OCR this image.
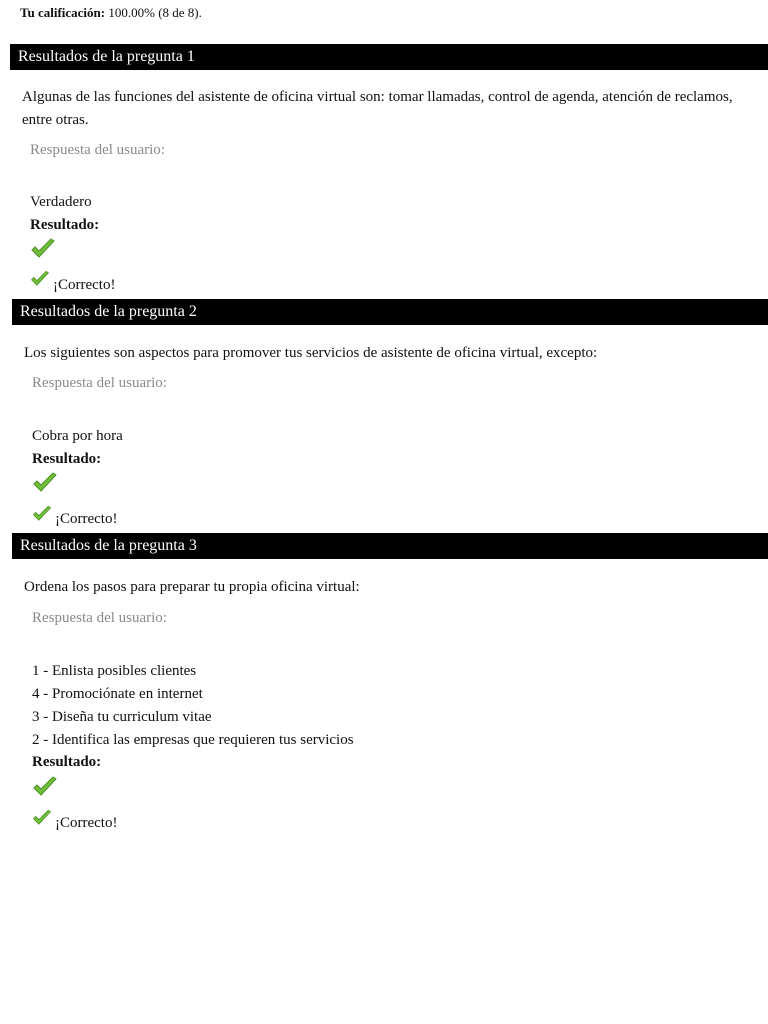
Tu calificación: 100.00% (8 de 8).
Resultados de la pregunta 1
Algunas de las funciones del asistente de oficina virtual son: tomar llamadas, control de agenda, atención de reclamos, entre otras.
Respuesta del usuario:
Verdadero
Resultado:
¡Correcto!
Resultados de la pregunta 2
Los siguientes son aspectos para promover tus servicios de asistente de oficina virtual, excepto:
Respuesta del usuario:
Cobra por hora
Resultado:
¡Correcto!
Resultados de la pregunta 3
Ordena los pasos para preparar tu propia oficina virtual:
Respuesta del usuario:
1 - Enlista posibles clientes
4 - Promociónate en internet
3 - Diseña tu curriculum vitae
2 - Identifica las empresas que requieren tus servicios
Resultado:
¡Correcto!
